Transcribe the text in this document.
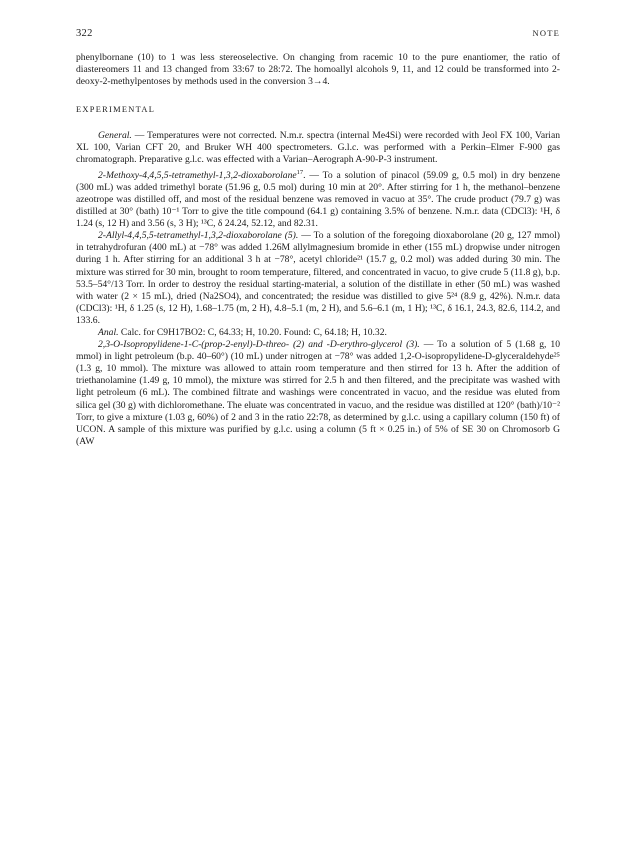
322	NOTE

phenylbornane (10) to 1 was less stereoselective. On changing from racemic 10 to the pure enantiomer, the ratio of diastereomers 11 and 13 changed from 33:67 to 28:72. The homoallyl alcohols 9, 11, and 12 could be transformed into 2-deoxy-2-methylpentoses by methods used in the conversion 3→4.

EXPERIMENTAL

General. — Temperatures were not corrected. N.m.r. spectra (internal Me4Si) were recorded with Jeol FX 100, Varian XL 100, Varian CFT 20, and Bruker WH 400 spectrometers. G.l.c. was performed with a Perkin–Elmer F-900 gas chromatograph. Preparative g.l.c. was effected with a Varian–Aerograph A-90-P-3 instrument.

2-Methoxy-4,4,5,5-tetramethyl-1,3,2-dioxaborolane$^{17}$. — To a solution of pinacol (59.09 g, 0.5 mol) in dry benzene (300 mL) was added trimethyl borate (51.96 g, 0.5 mol) during 10 min at 20°. After stirring for 1 h, the methanol–benzene azeotrope was distilled off, and most of the residual benzene was removed in vacuo at 35°. The crude product (79.7 g) was distilled at 30° (bath) 10⁻¹ Torr to give the title compound (64.1 g) containing 3.5% of benzene. N.m.r. data (CDCl3): ¹H, δ 1.24 (s, 12 H) and 3.56 (s, 3 H); ¹³C, δ 24.24, 52.12, and 82.31.

2-Allyl-4,4,5,5-tetramethyl-1,3,2-dioxaborolane (5). — To a solution of the foregoing dioxaborolane (20 g, 127 mmol) in tetrahydrofuran (400 mL) at −78° was added 1.26M allylmagnesium bromide in ether (155 mL) dropwise under nitrogen during 1 h. After stirring for an additional 3 h at −78°, acetyl chloride²¹ (15.7 g, 0.2 mol) was added during 30 min. The mixture was stirred for 30 min, brought to room temperature, filtered, and concentrated in vacuo, to give crude 5 (11.8 g), b.p. 53.5–54°/13 Torr. In order to destroy the residual starting-material, a solution of the distillate in ether (50 mL) was washed with water (2 × 15 mL), dried (Na2SO4), and concentrated; the residue was distilled to give 5²⁴ (8.9 g, 42%). N.m.r. data (CDCl3): ¹H, δ 1.25 (s, 12 H), 1.68–1.75 (m, 2 H), 4.8–5.1 (m, 2 H), and 5.6–6.1 (m, 1 H); ¹³C, δ 16.1, 24.3, 82.6, 114.2, and 133.6.

Anal. Calc. for C9H17BO2: C, 64.33; H, 10.20. Found: C, 64.18; H, 10.32.

2,3-O-Isopropylidene-1-C-(prop-2-enyl)-D-threo- (2) and -D-erythro-glycerol (3). — To a solution of 5 (1.68 g, 10 mmol) in light petroleum (b.p. 40–60°) (10 mL) under nitrogen at −78° was added 1,2-O-isopropylidene-D-glyceraldehyde²⁵ (1.3 g, 10 mmol). The mixture was allowed to attain room temperature and then stirred for 13 h. After the addition of triethanolamine (1.49 g, 10 mmol), the mixture was stirred for 2.5 h and then filtered, and the precipitate was washed with light petroleum (6 mL). The combined filtrate and washings were concentrated in vacuo, and the residue was eluted from silica gel (30 g) with dichloromethane. The eluate was concentrated in vacuo, and the residue was distilled at 120° (bath)/10⁻² Torr, to give a mixture (1.03 g, 60%) of 2 and 3 in the ratio 22:78, as determined by g.l.c. using a capillary column (150 ft) of UCON. A sample of this mixture was purified by g.l.c. using a column (5 ft × 0.25 in.) of 5% of SE 30 on Chromosorb G (AW
